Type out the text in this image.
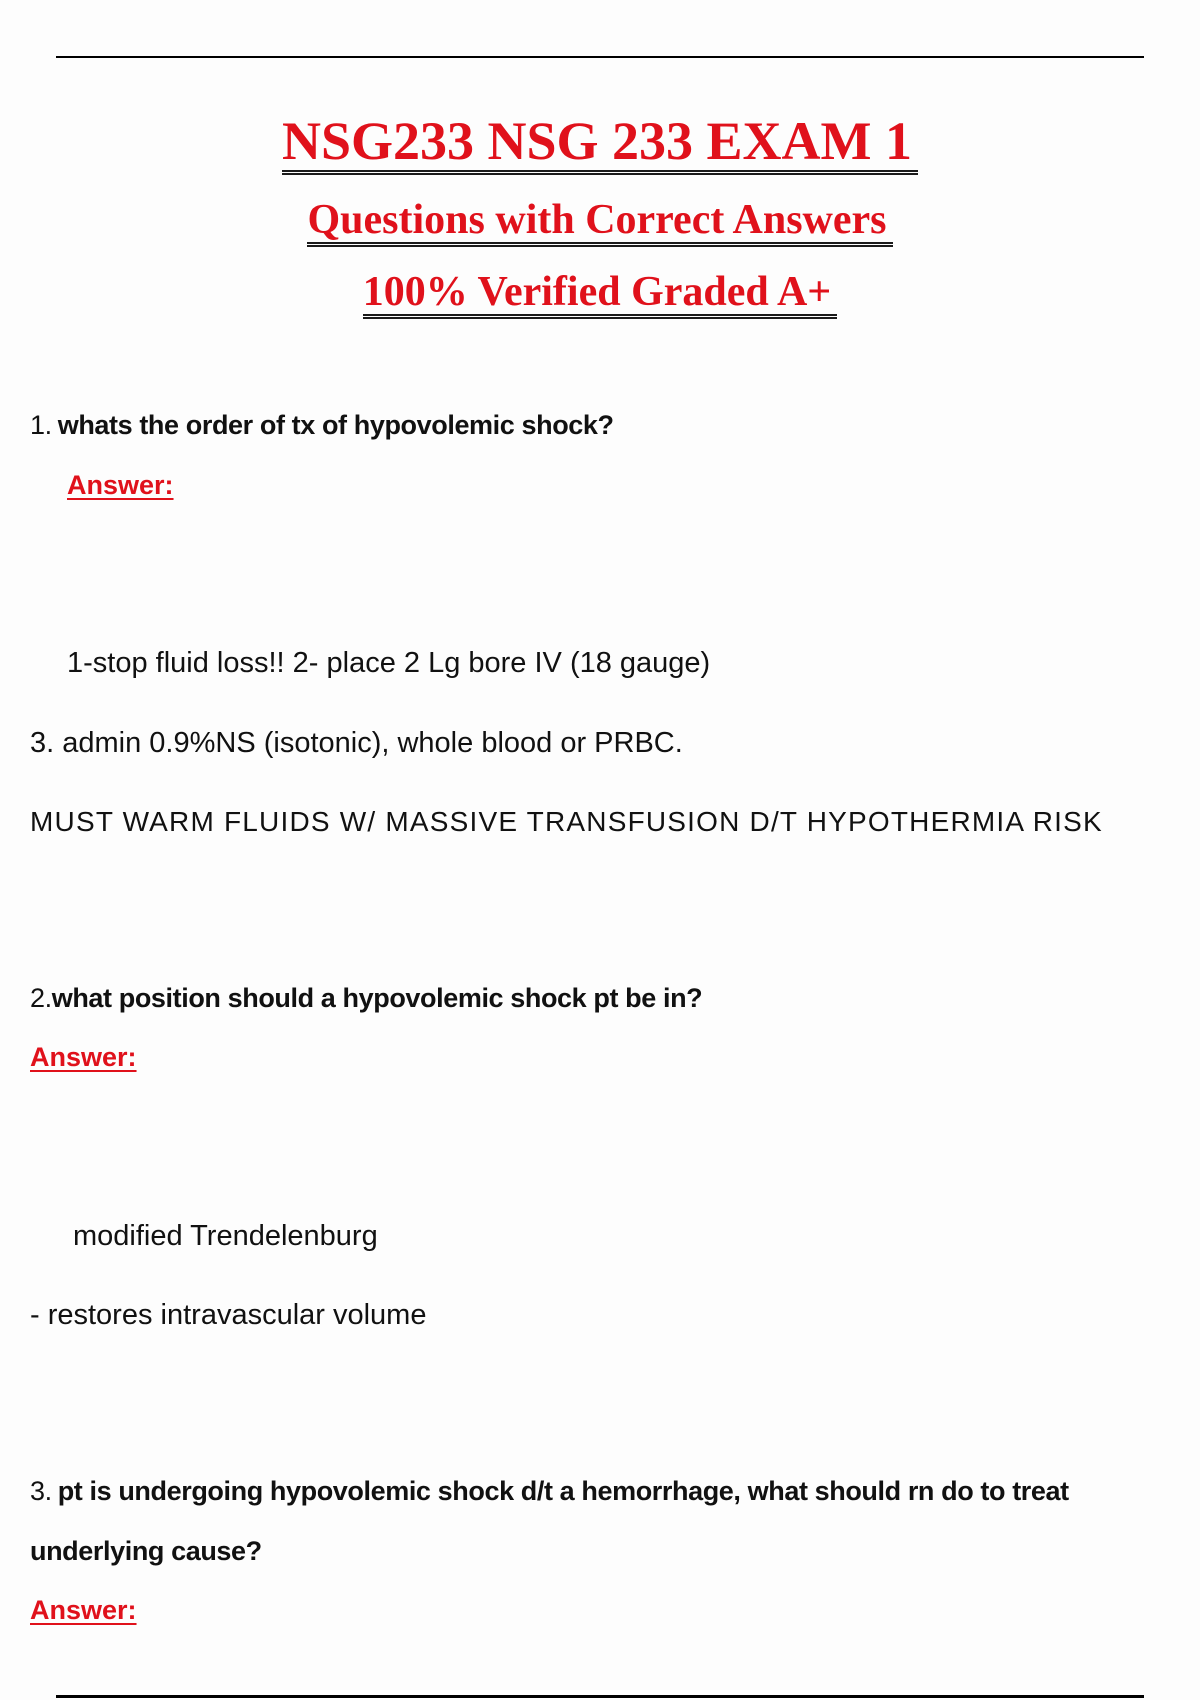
NSG233 NSG 233 EXAM 1
Questions with Correct Answers
100% Verified Graded A+

1. whats the order of tx of hypovolemic shock?

Answer:

1-stop fluid loss!! 2- place 2 Lg bore IV (18 gauge)

3. admin 0.9%NS (isotonic), whole blood or PRBC.

MUST WARM FLUIDS W/ MASSIVE TRANSFUSION D/T HYPOTHERMIA RISK

2.what position should a hypovolemic shock pt be in?

Answer:

modified Trendelenburg

- restores intravascular volume

3. pt is undergoing hypovolemic shock d/t a hemorrhage, what should rn do to treat

underlying cause?

Answer:
